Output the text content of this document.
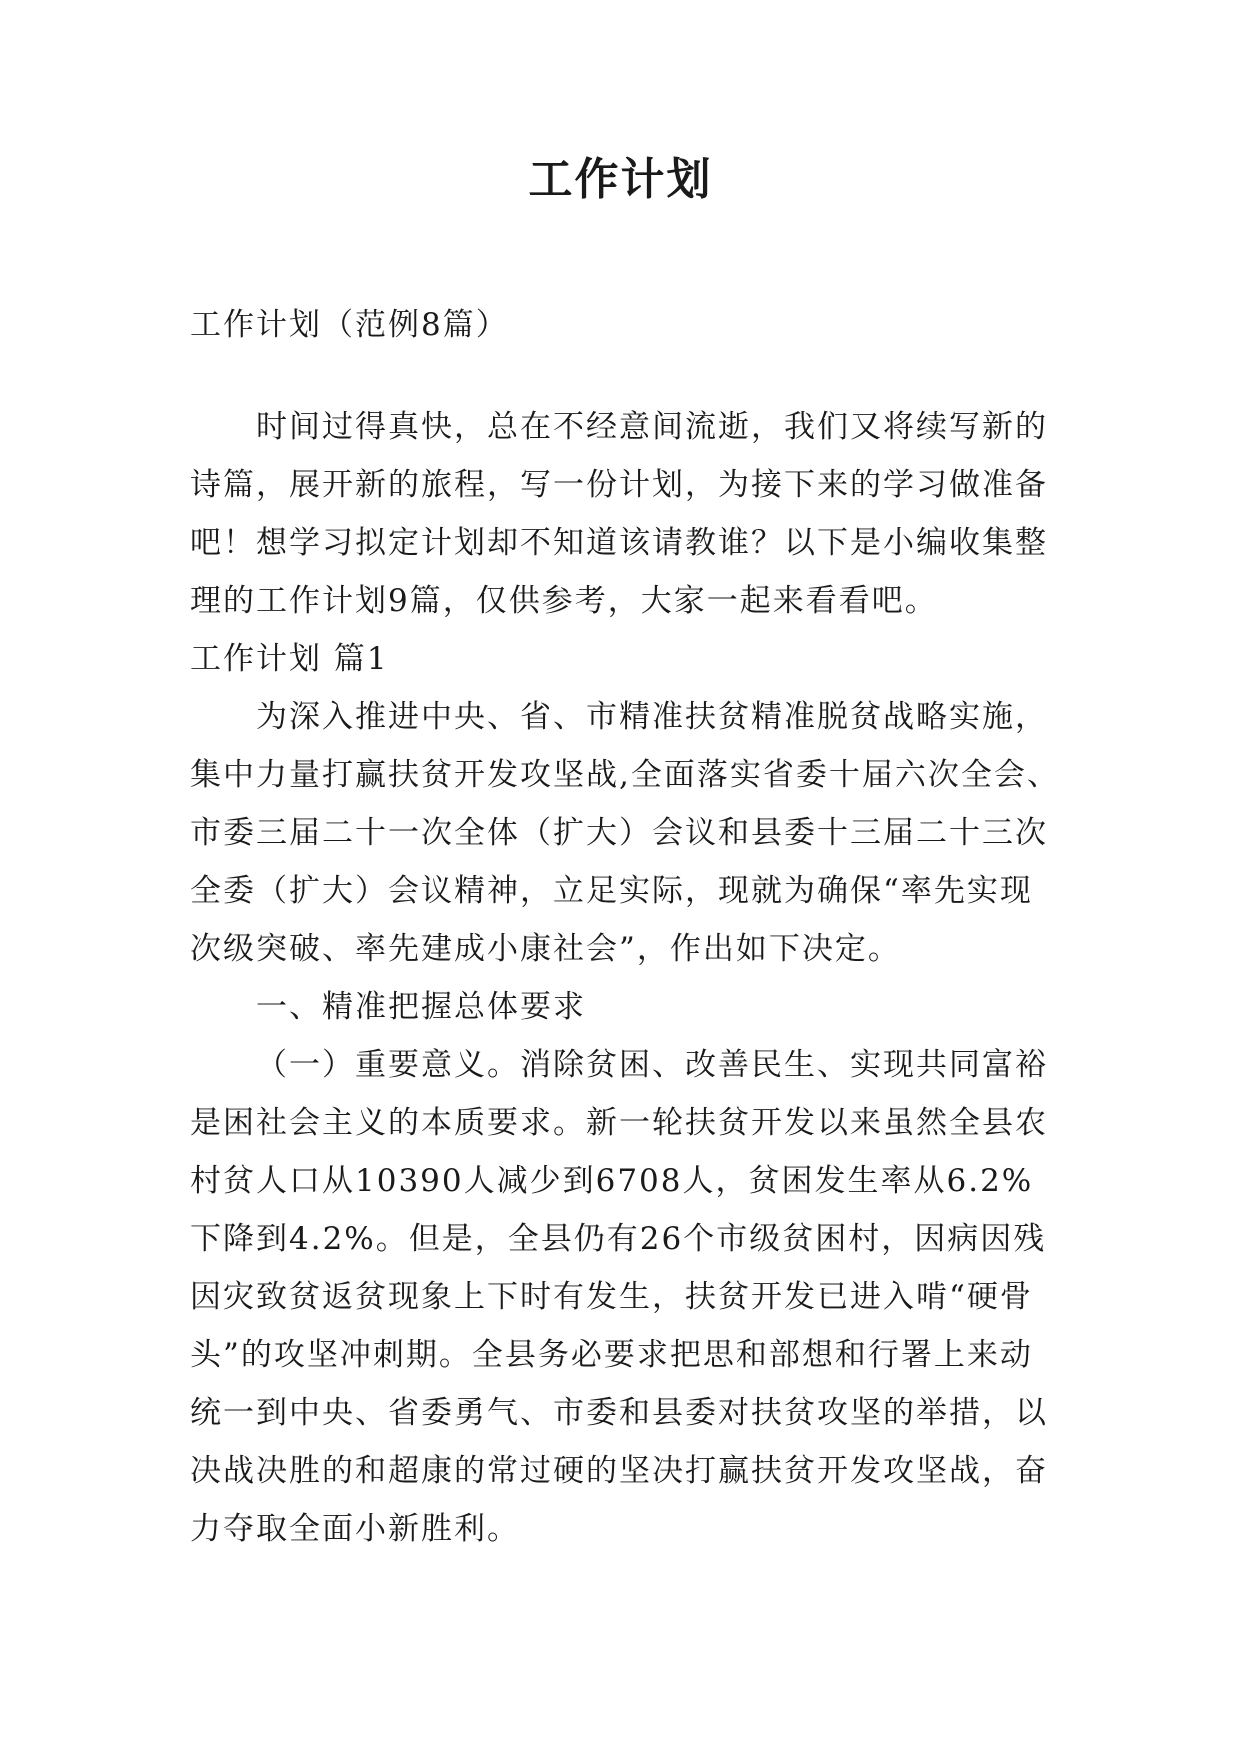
工作计划

工作计划（范例8篇）

时间过得真快，总在不经意间流逝，我们又将续写新的诗篇，展开新的旅程，写一份计划，为接下来的学习做准备吧！想学习拟定计划却不知道该请教谁？以下是小编收集整理的工作计划9篇，仅供参考，大家一起来看看吧。

工作计划 篇1

为深入推进中央、省、市精准扶贫精准脱贫战略实施，集中力量打赢扶贫开发攻坚战,全面落实省委十届六次全会、市委三届二十一次全体（扩大）会议和县委十三届二十三次全委（扩大）会议精神，立足实际，现就为确保“率先实现次级突破、率先建成小康社会”，作出如下决定。

一、精准把握总体要求

（一）重要意义。消除贫困、改善民生、实现共同富裕是困社会主义的本质要求。新一轮扶贫开发以来虽然全县农村贫人口从10390人减少到6708人，贫困发生率从6.2%下降到4.2%。但是，全县仍有26个市级贫困村，因病因残因灾致贫返贫现象上下时有发生，扶贫开发已进入啃“硬骨头”的攻坚冲刺期。全县务必要求把思和部想和行署上来动统一到中央、省委勇气、市委和县委对扶贫攻坚的举措，以决战决胜的和超康的常过硬的坚决打赢扶贫开发攻坚战，奋力夺取全面小新胜利。
